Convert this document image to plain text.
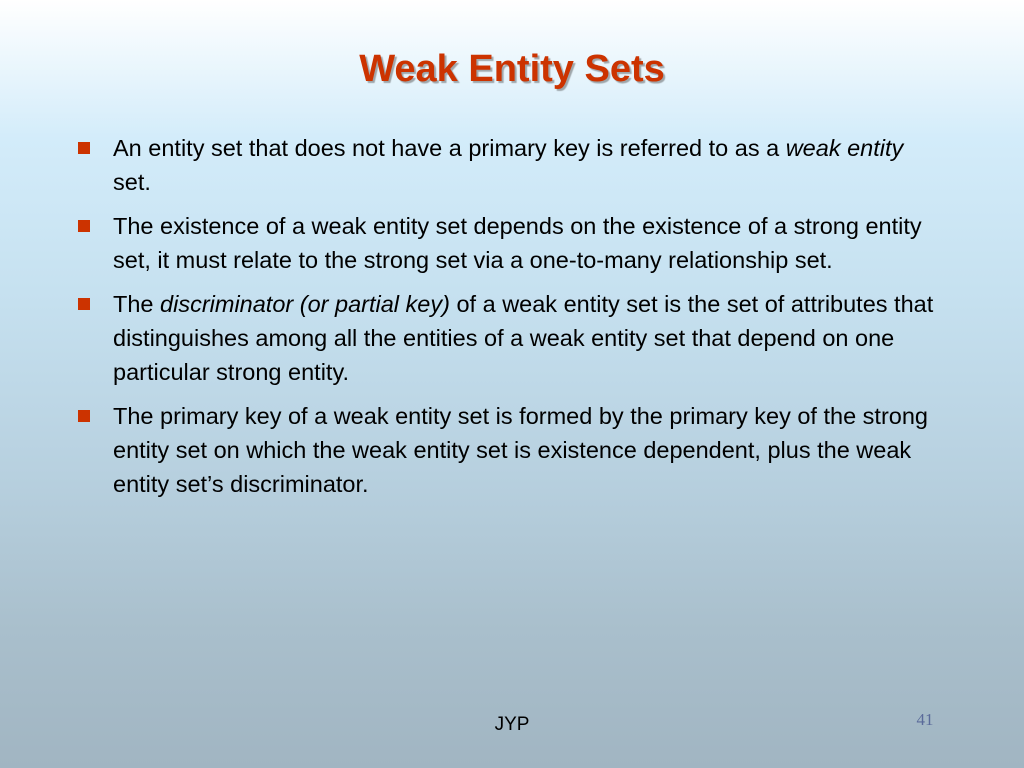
Weak Entity Sets
An entity set that does not have a primary key is referred to as a weak entity set.
The existence of a weak entity set depends on the existence of a strong entity set, it must relate to the strong set via a one-to-many relationship set.
The discriminator (or partial key) of a weak entity set is the set of attributes that distinguishes among all the entities of a weak entity set that depend on one particular strong entity.
The primary key of a weak entity set is formed by the primary key of the strong entity set on which the weak entity set is existence dependent, plus the weak entity set’s discriminator.
JYP	41
